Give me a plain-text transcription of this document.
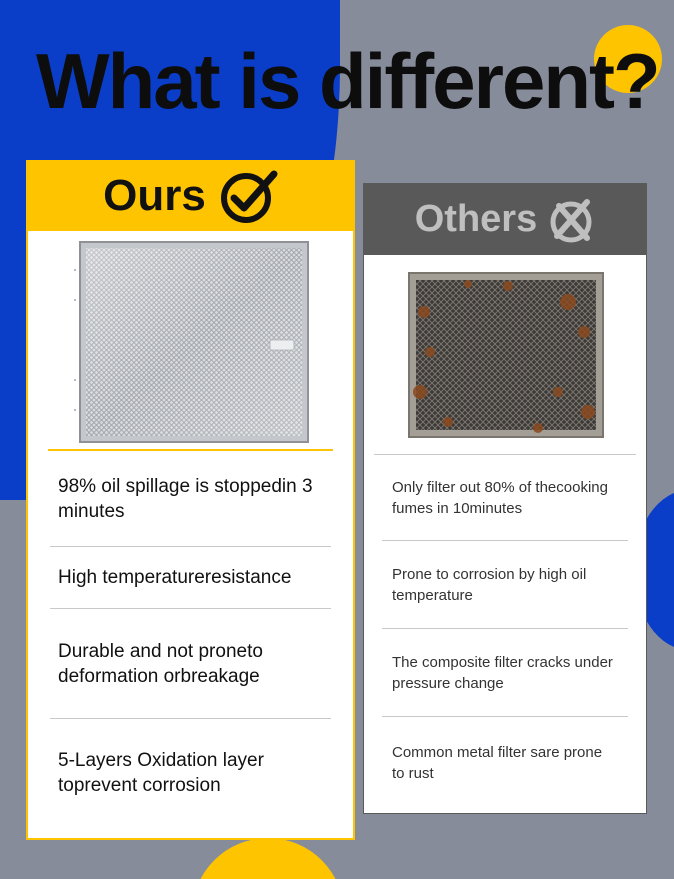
What is different?
Ours
98% oil spillage is stoppedin 3 minutes
High temperatureresistance
Durable and not proneto deformation orbreakage
5-Layers Oxidation layer toprevent corrosion
Others
Only filter out 80% of thecooking fumes in 10minutes
Prone to corrosion by high oil temperature
The composite filter cracks under pressure change
Common metal filter sare prone to rust
